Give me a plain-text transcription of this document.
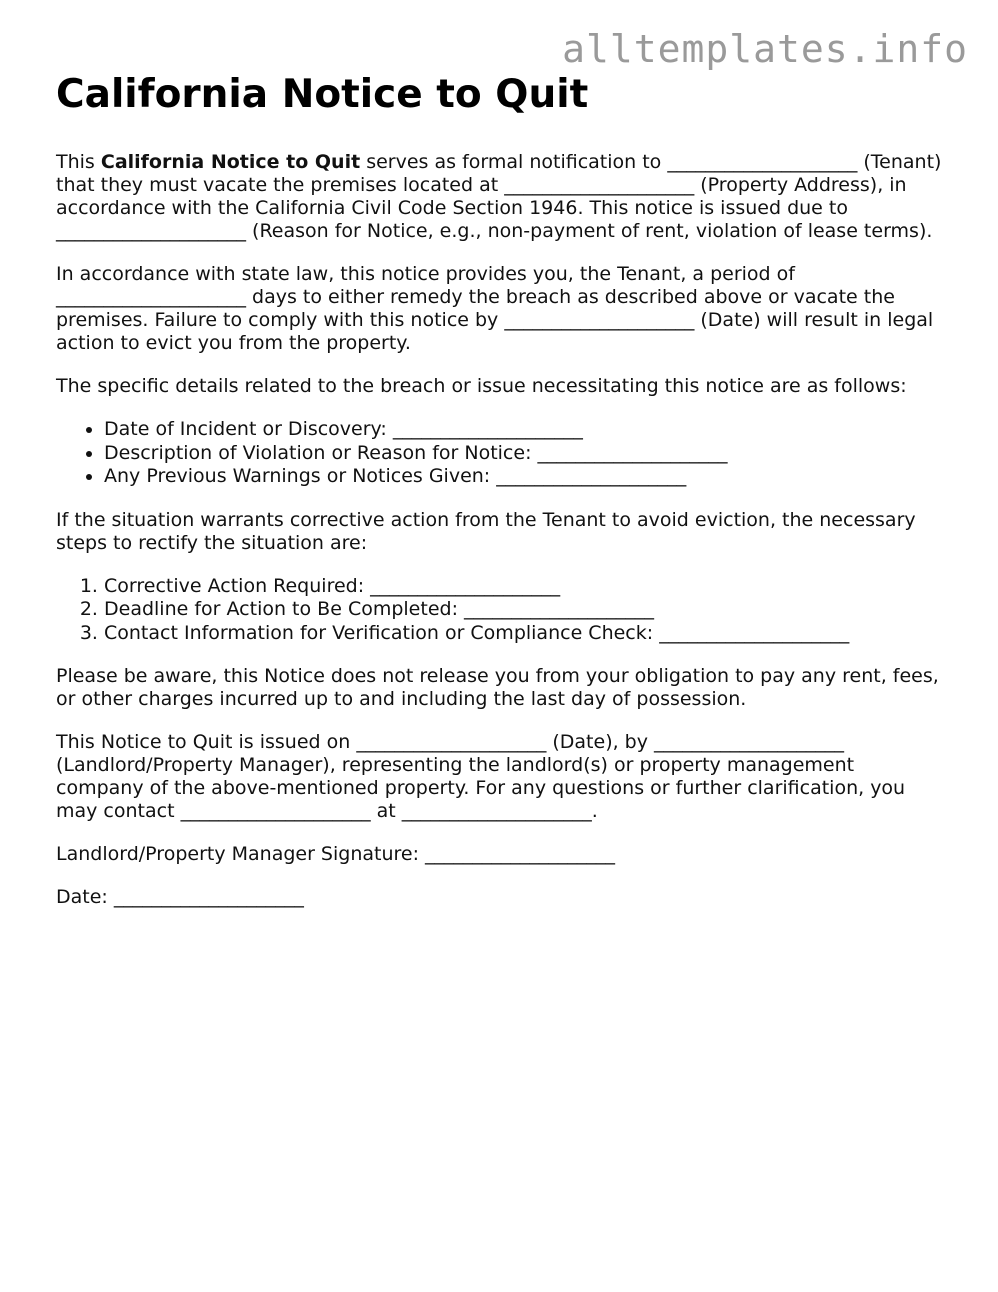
alltemplates.info
California Notice to Quit

This California Notice to Quit serves as formal notification to ____________________ (Tenant) that they must vacate the premises located at ____________________ (Property Address), in accordance with the California Civil Code Section 1946. This notice is issued due to ____________________ (Reason for Notice, e.g., non-payment of rent, violation of lease terms).

In accordance with state law, this notice provides you, the Tenant, a period of ____________________ days to either remedy the breach as described above or vacate the premises. Failure to comply with this notice by ____________________ (Date) will result in legal action to evict you from the property.

The specific details related to the breach or issue necessitating this notice are as follows:

• Date of Incident or Discovery: ____________________
• Description of Violation or Reason for Notice: ____________________
• Any Previous Warnings or Notices Given: ____________________

If the situation warrants corrective action from the Tenant to avoid eviction, the necessary steps to rectify the situation are:

1. Corrective Action Required: ____________________
2. Deadline for Action to Be Completed: ____________________
3. Contact Information for Verification or Compliance Check: ____________________

Please be aware, this Notice does not release you from your obligation to pay any rent, fees, or other charges incurred up to and including the last day of possession.

This Notice to Quit is issued on ____________________ (Date), by ____________________ (Landlord/Property Manager), representing the landlord(s) or property management company of the above-mentioned property. For any questions or further clarification, you may contact ____________________ at ____________________.

Landlord/Property Manager Signature: ____________________

Date: ____________________
